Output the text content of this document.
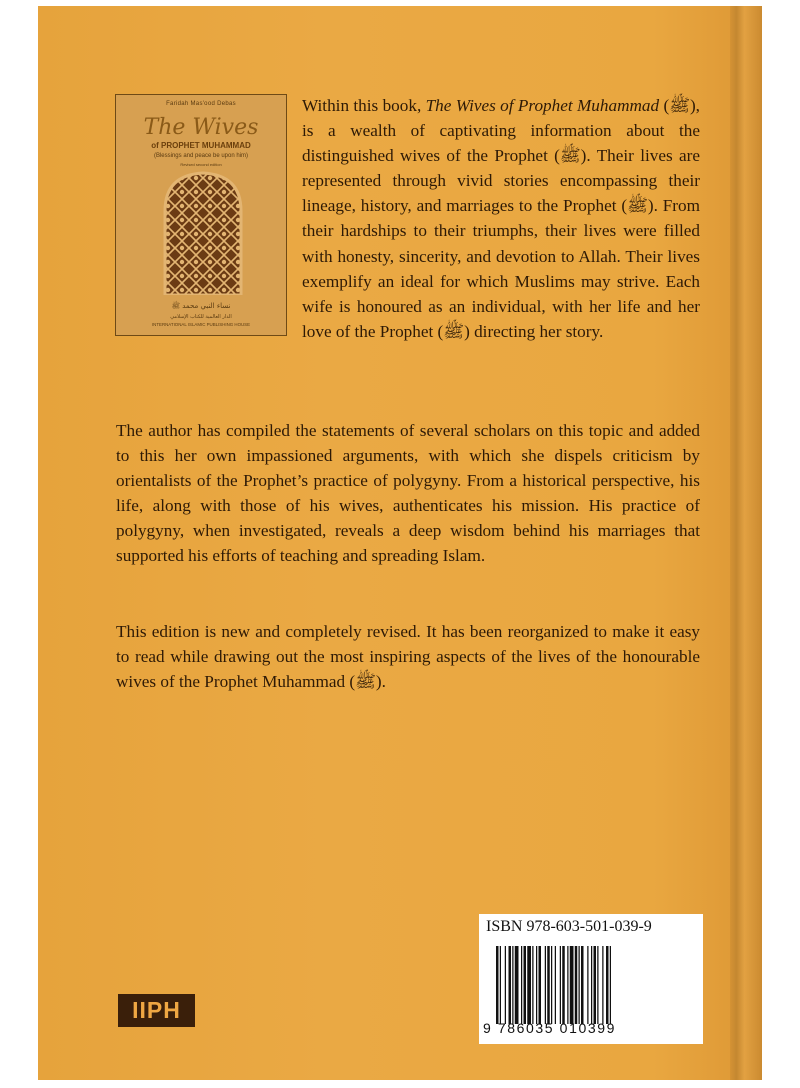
Faridah Mas'ood Debas
The Wives
of PROPHET MUHAMMAD
(Blessings and peace be upon him)
Revised second edition
نساء النبي محمد ﷺ
الدار العالمية للكتاب الإسلامي
INTERNATIONAL ISLAMIC PUBLISHING HOUSE
Within this book, The Wives of Prophet Muhammad (ﷺ), is a wealth of captivating information about the distinguished wives of the Prophet (ﷺ). Their lives are represented through vivid stories encompassing their lineage, history, and marriages to the Prophet (ﷺ). From their hardships to their triumphs, their lives were filled with honesty, sincerity, and devotion to Allah. Their lives exemplify an ideal for which Muslims may strive. Each wife is honoured as an individual, with her life and her love of the Prophet (ﷺ) directing her story.
The author has compiled the statements of several scholars on this topic and added to this her own impassioned arguments, with which she dispels criticism by orientalists of the Prophet’s practice of polygyny. From a historical perspective, his life, along with those of his wives, authenticates his mission. His practice of polygyny, when investigated, reveals a deep wisdom behind his marriages that supported his efforts of teaching and spreading Islam.
This edition is new and completely revised. It has been reorganized to make it easy to read while drawing out the most inspiring aspects of the lives of the honourable wives of the Prophet Muhammad (ﷺ).
IIPH
ISBN 978-603-501-039-9
9 786035 010399
